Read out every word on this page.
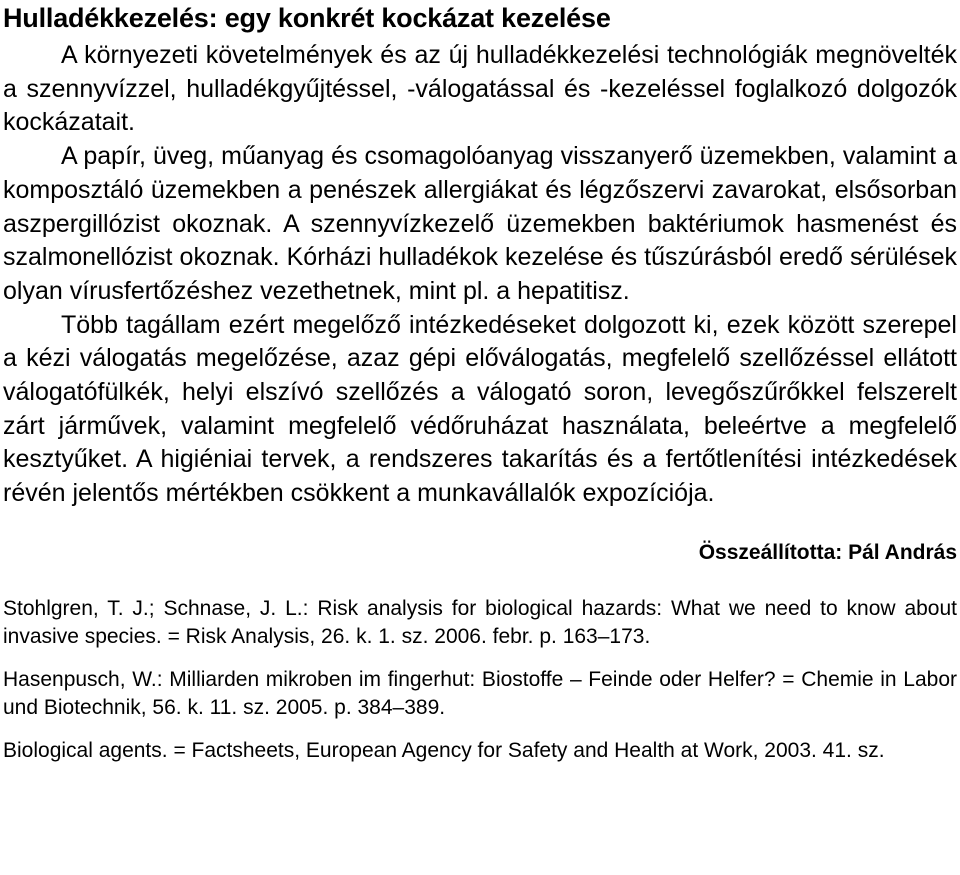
Hulladékkezelés: egy konkrét kockázat kezelése

A környezeti követelmények és az új hulladékkezelési technológiák megnövelték a szennyvízzel, hulladékgyűjtéssel, -válogatással és -kezeléssel foglalkozó dolgozók kockázatait.

A papír, üveg, műanyag és csomagolóanyag visszanyerő üzemekben, valamint a komposztáló üzemekben a penészek allergiákat és légzőszervi zavarokat, elsősorban aszpergillózist okoznak. A szennyvízkezelő üzemekben baktériumok hasmenést és szalmonellózist okoznak. Kórházi hulladékok kezelése és tűszúrásból eredő sérülések olyan vírusfertőzéshez vezethetnek, mint pl. a hepatitisz.

Több tagállam ezért megelőző intézkedéseket dolgozott ki, ezek között szerepel a kézi válogatás megelőzése, azaz gépi előválogatás, megfelelő szellőzéssel ellátott válogatófülkék, helyi elszívó szellőzés a válogató soron, levegőszűrőkkel felszerelt zárt járművek, valamint megfelelő védőruházat használata, beleértve a megfelelő kesztyűket. A higiéniai tervek, a rendszeres takarítás és a fertőtlenítési intézkedések révén jelentős mértékben csökkent a munkavállalók expozíciója.

Összeállította: Pál András

Stohlgren, T. J.; Schnase, J. L.: Risk analysis for biological hazards: What we need to know about invasive species. = Risk Analysis, 26. k. 1. sz. 2006. febr. p. 163–173.

Hasenpusch, W.: Milliarden mikroben im fingerhut: Biostoffe – Feinde oder Helfer? = Chemie in Labor und Biotechnik, 56. k. 11. sz. 2005. p. 384–389.

Biological agents. = Factsheets, European Agency for Safety and Health at Work, 2003. 41. sz.
